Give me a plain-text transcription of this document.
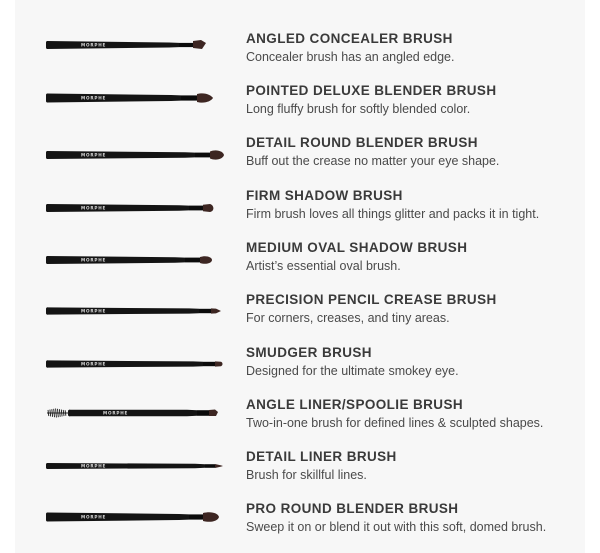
MORPHE	ANGLED CONCEALER BRUSH
Concealer brush has an angled edge.
MORPHE
POINTED DELUXE BLENDER BRUSH
Long fluffy brush for softly blended color.
MORPHE
DETAIL ROUND BLENDER BRUSH
Buff out the crease no matter your eye shape.
MORPHE
FIRM SHADOW BRUSH
Firm brush loves all things glitter and packs it in tight.
MORPHE
MEDIUM OVAL SHADOW BRUSH
Artist’s essential oval brush.
MORPHE
PRECISION PENCIL CREASE BRUSH
For corners, creases, and tiny areas.
MORPHE
SMUDGER BRUSH
Designed for the ultimate smokey eye.
MORPHE
ANGLE LINER/SPOOLIE BRUSH
Two-in-one brush for defined lines & sculpted shapes.
MORPHE
DETAIL LINER BRUSH
Brush for skillful lines.
MORPHE
PRO ROUND BLENDER BRUSH
Sweep it on or blend it out with this soft, domed brush.
